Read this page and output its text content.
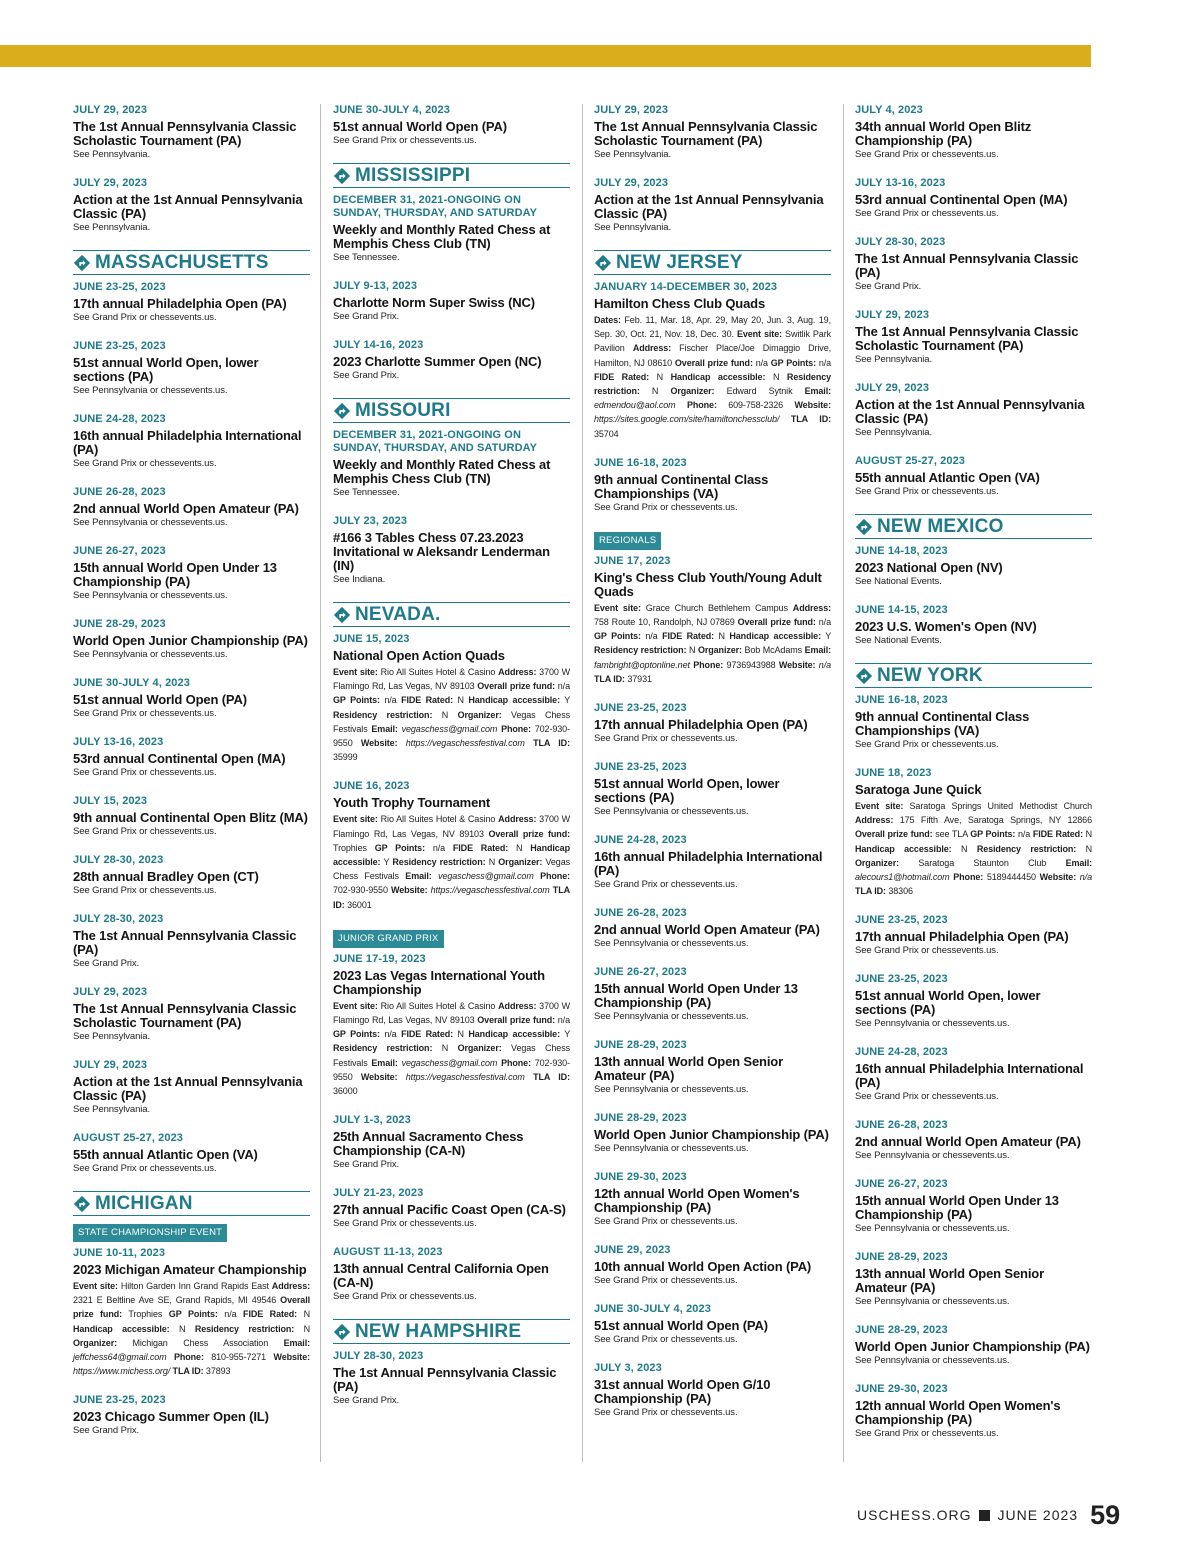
JULY 29, 2023
The 1st Annual Pennsylvania Classic Scholastic Tournament (PA)
See Pennsylvania.
JULY 29, 2023
Action at the 1st Annual Pennsylvania Classic (PA)
See Pennsylvania.
MASSACHUSETTS
JUNE 23-25, 2023
17th annual Philadelphia Open (PA)
See Grand Prix or chessevents.us.
JUNE 23-25, 2023
51st annual World Open, lower sections (PA)
See Pennsylvania or chessevents.us.
JUNE 24-28, 2023
16th annual Philadelphia International (PA)
See Grand Prix or chessevents.us.
JUNE 26-28, 2023
2nd annual World Open Amateur (PA)
See Pennsylvania or chessevents.us.
JUNE 26-27, 2023
15th annual World Open Under 13 Championship (PA)
See Pennsylvania or chessevents.us.
JUNE 28-29, 2023
World Open Junior Championship (PA)
See Pennsylvania or chessevents.us.
JUNE 30-JULY 4, 2023
51st annual World Open (PA)
See Grand Prix or chessevents.us.
JULY 13-16, 2023
53rd annual Continental Open (MA)
See Grand Prix or chessevents.us.
JULY 15, 2023
9th annual Continental Open Blitz (MA)
See Grand Prix or chessevents.us.
JULY 28-30, 2023
28th annual Bradley Open (CT)
See Grand Prix or chessevents.us.
JULY 28-30, 2023
The 1st Annual Pennsylvania Classic (PA)
See Grand Prix.
JULY 29, 2023
The 1st Annual Pennsylvania Classic Scholastic Tournament (PA)
See Pennsylvania.
JULY 29, 2023
Action at the 1st Annual Pennsylvania Classic (PA)
See Pennsylvania.
AUGUST 25-27, 2023
55th annual Atlantic Open (VA)
See Grand Prix or chessevents.us.
MICHIGAN
STATE CHAMPIONSHIP EVENT
JUNE 10-11, 2023
2023 Michigan Amateur Championship
Event site: Hilton Garden Inn Grand Rapids East Address: 2321 E Beltline Ave SE, Grand Rapids, MI 49546 Overall prize fund: Trophies GP Points: n/a FIDE Rated: N Handicap accessible: N Residency restriction: N Organizer: Michigan Chess Association Email: jeffchess64@gmail.com Phone: 810-955-7271 Website: https://www.michess.org/ TLA ID: 37893
JUNE 23-25, 2023
2023 Chicago Summer Open (IL)
See Grand Prix.
JUNE 30-JULY 4, 2023
51st annual World Open (PA)
See Grand Prix or chessevents.us.
MISSISSIPPI
DECEMBER 31, 2021-ONGOING ON SUNDAY, THURSDAY, AND SATURDAY
Weekly and Monthly Rated Chess at Memphis Chess Club (TN)
See Tennessee.
JULY 9-13, 2023
Charlotte Norm Super Swiss (NC)
See Grand Prix.
JULY 14-16, 2023
2023 Charlotte Summer Open (NC)
See Grand Prix.
MISSOURI
DECEMBER 31, 2021-ONGOING ON SUNDAY, THURSDAY, AND SATURDAY
Weekly and Monthly Rated Chess at Memphis Chess Club (TN)
See Tennessee.
JULY 23, 2023
#166 3 Tables Chess 07.23.2023 Invitational w Aleksandr Lenderman (IN)
See Indiana.
NEVADA.
JUNE 15, 2023
National Open Action Quads
Event site: Rio All Suites Hotel & Casino Address: 3700 W Flamingo Rd, Las Vegas, NV 89103 Overall prize fund: n/a GP Points: n/a FIDE Rated: N Handicap accessible: Y Residency restriction: N Organizer: Vegas Chess Festivals Email: vegaschess@gmail.com Phone: 702-930-9550 Website: https://vegaschessfestival.com TLA ID: 35999
JUNE 16, 2023
Youth Trophy Tournament
Event site: Rio All Suites Hotel & Casino Address: 3700 W Flamingo Rd, Las Vegas, NV 89103 Overall prize fund: Trophies GP Points: n/a FIDE Rated: N Handicap accessible: Y Residency restriction: N Organizer: Vegas Chess Festivals Email: vegaschess@gmail.com Phone: 702-930-9550 Website: https://vegaschessfestival.com TLA ID: 36001
JUNIOR GRAND PRIX
JUNE 17-19, 2023
2023 Las Vegas International Youth Championship
Event site: Rio All Suites Hotel & Casino Address: 3700 W Flamingo Rd, Las Vegas, NV 89103 Overall prize fund: n/a GP Points: n/a FIDE Rated: N Handicap accessible: Y Residency restriction: N Organizer: Vegas Chess Festivals Email: vegaschess@gmail.com Phone: 702-930-9550 Website: https://vegaschessfestival.com TLA ID: 36000
JULY 1-3, 2023
25th Annual Sacramento Chess Championship (CA-N)
See Grand Prix.
JULY 21-23, 2023
27th annual Pacific Coast Open (CA-S)
See Grand Prix or chessevents.us.
AUGUST 11-13, 2023
13th annual Central California Open (CA-N)
See Grand Prix or chessevents.us.
NEW HAMPSHIRE
JULY 28-30, 2023
The 1st Annual Pennsylvania Classic (PA)
See Grand Prix.
JULY 29, 2023
The 1st Annual Pennsylvania Classic Scholastic Tournament (PA)
See Pennsylvania.
JULY 29, 2023
Action at the 1st Annual Pennsylvania Classic (PA)
See Pennsylvania.
NEW JERSEY
JANUARY 14-DECEMBER 30, 2023
Hamilton Chess Club Quads
Dates: Feb. 11, Mar. 18, Apr. 29, May 20, Jun. 3, Aug. 19, Sep. 30, Oct. 21, Nov. 18, Dec. 30. Event site: Switlik Park Pavilion Address: Fischer Place/Joe Dimaggio Drive, Hamilton, NJ 08610 Overall prize fund: n/a GP Points: n/a FIDE Rated: N Handicap accessible: N Residency restriction: N Organizer: Edward Sytnik Email: edmendou@aol.com Phone: 609-758-2326 Website: https://sites.google.com/site/hamiltonchessclub/ TLA ID: 35704
JUNE 16-18, 2023
9th annual Continental Class Championships (VA)
See Grand Prix or chessevents.us.
REGIONALS
JUNE 17, 2023
King's Chess Club Youth/Young Adult Quads
Event site: Grace Church Bethlehem Campus Address: 758 Route 10, Randolph, NJ 07869 Overall prize fund: n/a GP Points: n/a FIDE Rated: N Handicap accessible: Y Residency restriction: N Organizer: Bob McAdams Email: fambright@optonline.net Phone: 9736943988 Website: n/a TLA ID: 37931
JUNE 23-25, 2023
17th annual Philadelphia Open (PA)
See Grand Prix or chessevents.us.
JUNE 23-25, 2023
51st annual World Open, lower sections (PA)
See Pennsylvania or chessevents.us.
JUNE 24-28, 2023
16th annual Philadelphia International (PA)
See Grand Prix or chessevents.us.
JUNE 26-28, 2023
2nd annual World Open Amateur (PA)
See Pennsylvania or chessevents.us.
JUNE 26-27, 2023
15th annual World Open Under 13 Championship (PA)
See Pennsylvania or chessevents.us.
JUNE 28-29, 2023
13th annual World Open Senior Amateur (PA)
See Pennsylvania or chessevents.us.
JUNE 28-29, 2023
World Open Junior Championship (PA)
See Pennsylvania or chessevents.us.
JUNE 29-30, 2023
12th annual World Open Women's Championship (PA)
See Grand Prix or chessevents.us.
JUNE 29, 2023
10th annual World Open Action (PA)
See Grand Prix or chessevents.us.
JUNE 30-JULY 4, 2023
51st annual World Open (PA)
See Grand Prix or chessevents.us.
JULY 3, 2023
31st annual World Open G/10 Championship (PA)
See Grand Prix or chessevents.us.
JULY 4, 2023
34th annual World Open Blitz Championship (PA)
See Grand Prix or chessevents.us.
JULY 13-16, 2023
53rd annual Continental Open (MA)
See Grand Prix or chessevents.us.
JULY 28-30, 2023
The 1st Annual Pennsylvania Classic (PA)
See Grand Prix.
JULY 29, 2023
The 1st Annual Pennsylvania Classic Scholastic Tournament (PA)
See Pennsylvania.
JULY 29, 2023
Action at the 1st Annual Pennsylvania Classic (PA)
See Pennsylvania.
AUGUST 25-27, 2023
55th annual Atlantic Open (VA)
See Grand Prix or chessevents.us.
NEW MEXICO
JUNE 14-18, 2023
2023 National Open (NV)
See National Events.
JUNE 14-15, 2023
2023 U.S. Women's Open (NV)
See National Events.
NEW YORK
JUNE 16-18, 2023
9th annual Continental Class Championships (VA)
See Grand Prix or chessevents.us.
JUNE 18, 2023
Saratoga June Quick
Event site: Saratoga Springs United Methodist Church Address: 175 Fifth Ave, Saratoga Springs, NY 12866 Overall prize fund: see TLA GP Points: n/a FIDE Rated: N Handicap accessible: N Residency restriction: N Organizer: Saratoga Staunton Club Email: alecours1@hotmail.com Phone: 5189444450 Website: n/a TLA ID: 38306
JUNE 23-25, 2023
17th annual Philadelphia Open (PA)
See Grand Prix or chessevents.us.
JUNE 23-25, 2023
51st annual World Open, lower sections (PA)
See Pennsylvania or chessevents.us.
JUNE 24-28, 2023
16th annual Philadelphia International (PA)
See Grand Prix or chessevents.us.
JUNE 26-28, 2023
2nd annual World Open Amateur (PA)
See Pennsylvania or chessevents.us.
JUNE 26-27, 2023
15th annual World Open Under 13 Championship (PA)
See Pennsylvania or chessevents.us.
JUNE 28-29, 2023
13th annual World Open Senior Amateur (PA)
See Pennsylvania or chessevents.us.
JUNE 28-29, 2023
World Open Junior Championship (PA)
See Pennsylvania or chessevents.us.
JUNE 29-30, 2023
12th annual World Open Women's Championship (PA)
See Grand Prix or chessevents.us.
USCHESS.ORG JUNE 2023 59
